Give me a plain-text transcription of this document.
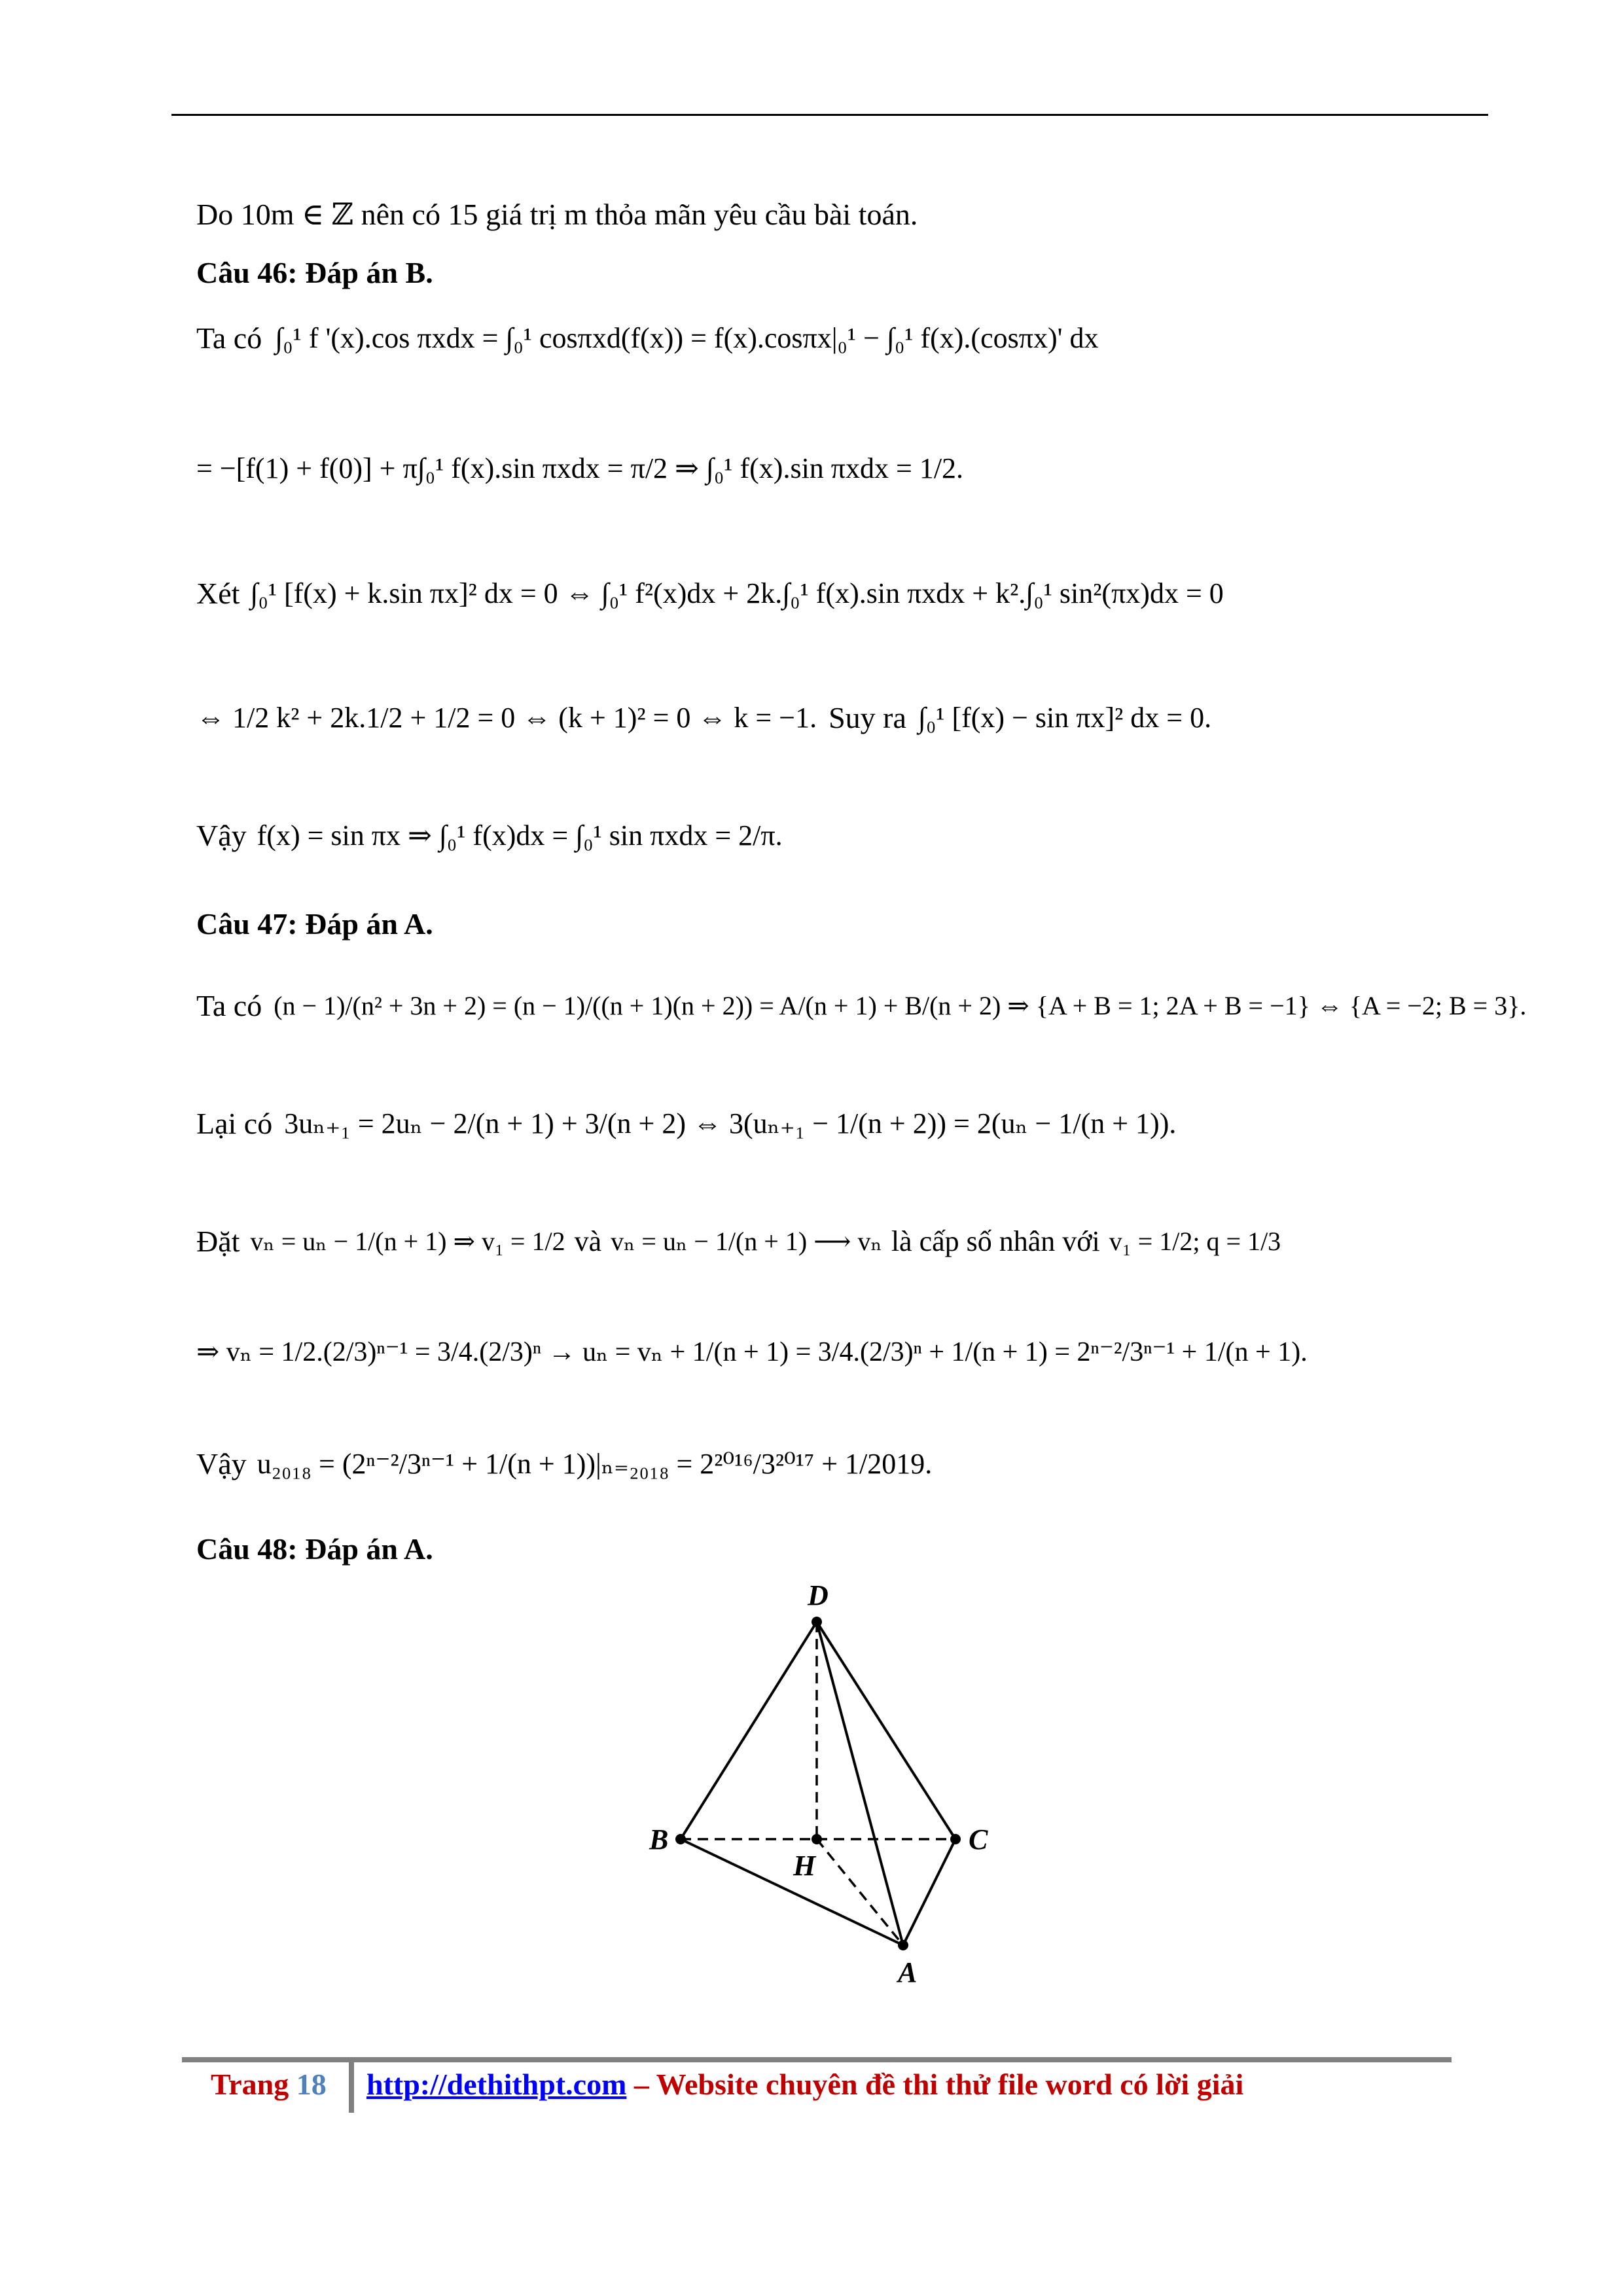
Do 10m ∈ ℤ nên có 15 giá trị m thỏa mãn yêu cầu bài toán.
Câu 46: Đáp án B.
Ta có ∫₀¹ f '(x).cos πxdx = ∫₀¹ cosπxd(f(x)) = f(x).cosπx|₀¹ − ∫₀¹ f(x).(cosπx)' dx
= −[f(1) + f(0)] + π∫₀¹ f(x).sin πxdx = π/2 ⇒ ∫₀¹ f(x).sin πxdx = 1/2.
Xét ∫₀¹ [f(x) + k.sin πx]² dx = 0 ⇔ ∫₀¹ f²(x)dx + 2k.∫₀¹ f(x).sin πxdx + k².∫₀¹ sin²(πx)dx = 0
⇔ 1/2 k² + 2k.1/2 + 1/2 = 0 ⇔ (k + 1)² = 0 ⇔ k = −1. Suy ra ∫₀¹ [f(x) − sin πx]² dx = 0.
Vậy f(x) = sin πx ⇒ ∫₀¹ f(x)dx = ∫₀¹ sin πxdx = 2/π.
Câu 47: Đáp án A.
Ta có (n − 1)/(n² + 3n + 2) = (n − 1)/((n + 1)(n + 2)) = A/(n + 1) + B/(n + 2) ⇒ {A + B = 1; 2A + B = −1} ⇔ {A = −2; B = 3}.
Lại có 3uₙ₊₁ = 2uₙ − 2/(n + 1) + 3/(n + 2) ⇔ 3(uₙ₊₁ − 1/(n + 2)) = 2(uₙ − 1/(n + 1)).
Đặt vₙ = uₙ − 1/(n + 1) ⇒ v₁ = 1/2 và vₙ = uₙ − 1/(n + 1) ⟶ vₙ là cấp số nhân với v₁ = 1/2; q = 1/3
⇒ vₙ = 1/2.(2/3)ⁿ⁻¹ = 3/4.(2/3)ⁿ → uₙ = vₙ + 1/(n + 1) = 3/4.(2/3)ⁿ + 1/(n + 1) = 2ⁿ⁻²/3ⁿ⁻¹ + 1/(n + 1).
Vậy u₂₀₁₈ = (2ⁿ⁻²/3ⁿ⁻¹ + 1/(n + 1))|ₙ₌₂₀₁₈ = 2²⁰¹⁶/3²⁰¹⁷ + 1/2019.
Câu 48: Đáp án A.
D
B	C
H
A
Trang 18 http://dethithpt.com – Website chuyên đề thi thử file word có lời giải
